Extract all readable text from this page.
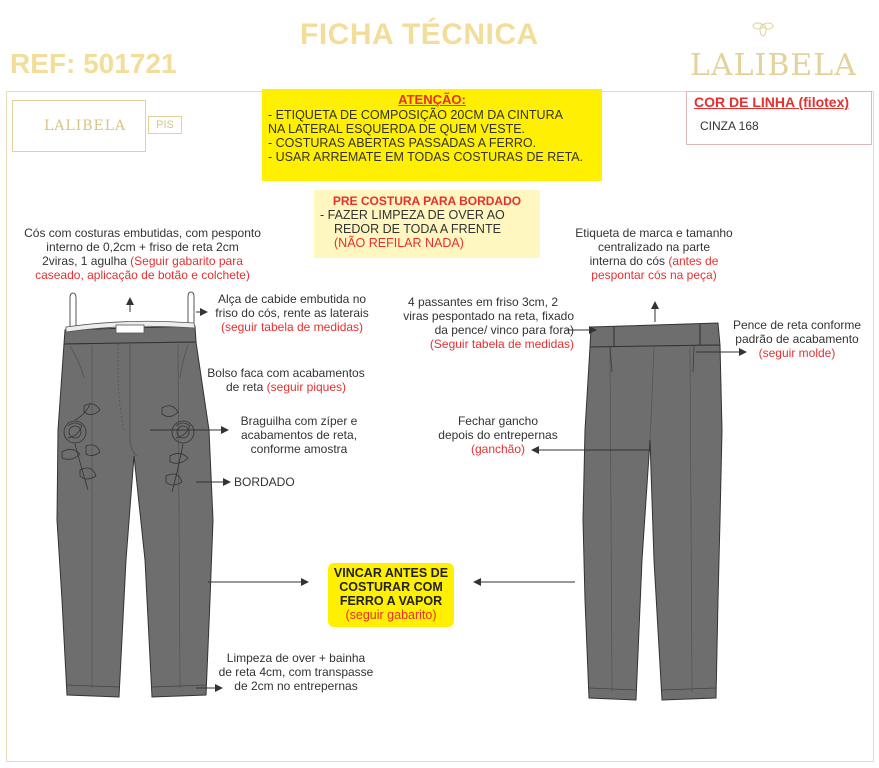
FICHA TÉCNICA
REF: 501721	LALIBELA
LALIBELA	PIS
ATENÇÃO:
- ETIQUETA DE COMPOSIÇÃO 20CM DA CINTURA
NA LATERAL ESQUERDA DE QUEM VESTE.
- COSTURAS ABERTAS PASSADAS A FERRO.
- USAR ARREMATE EM TODAS COSTURAS DE RETA.
COR DE LINHA (filotex)
CINZA 168
PRE COSTURA PARA BORDADO
- FAZER LIMPEZA DE OVER AO
REDOR DE TODA A FRENTE
(NÃO REFILAR NADA)
Cós com costuras embutidas, com pesponto
interno de 0,2cm + friso de reta 2cm
2viras, 1 agulha (Seguir gabarito para
caseado, aplicação de botão e colchete)
Alça de cabide embutida no
friso do cós, rente as laterais
(seguir tabela de medidas)
Bolso faca com acabamentos
de reta (seguir piques)
Braguilha com zíper e
acabamentos de reta,
conforme amostra
BORDADO
Limpeza de over + bainha
de reta 4cm, com transpasse
de 2cm no entrepernas
VINCAR ANTES DE
COSTURAR COM
FERRO A VAPOR
(seguir gabarito)
Etiqueta de marca e tamanho
centralizado na parte
interna do cós (antes de
pespontar cós na peça)
4 passantes em friso 3cm, 2
viras pespontado na reta, fixado
da pence/ vinco para fora)
(Seguir tabela de medidas)
Pence de reta conforme
padrão de acabamento
(seguir molde)
Fechar gancho
depois do entrepernas
(ganchão)
